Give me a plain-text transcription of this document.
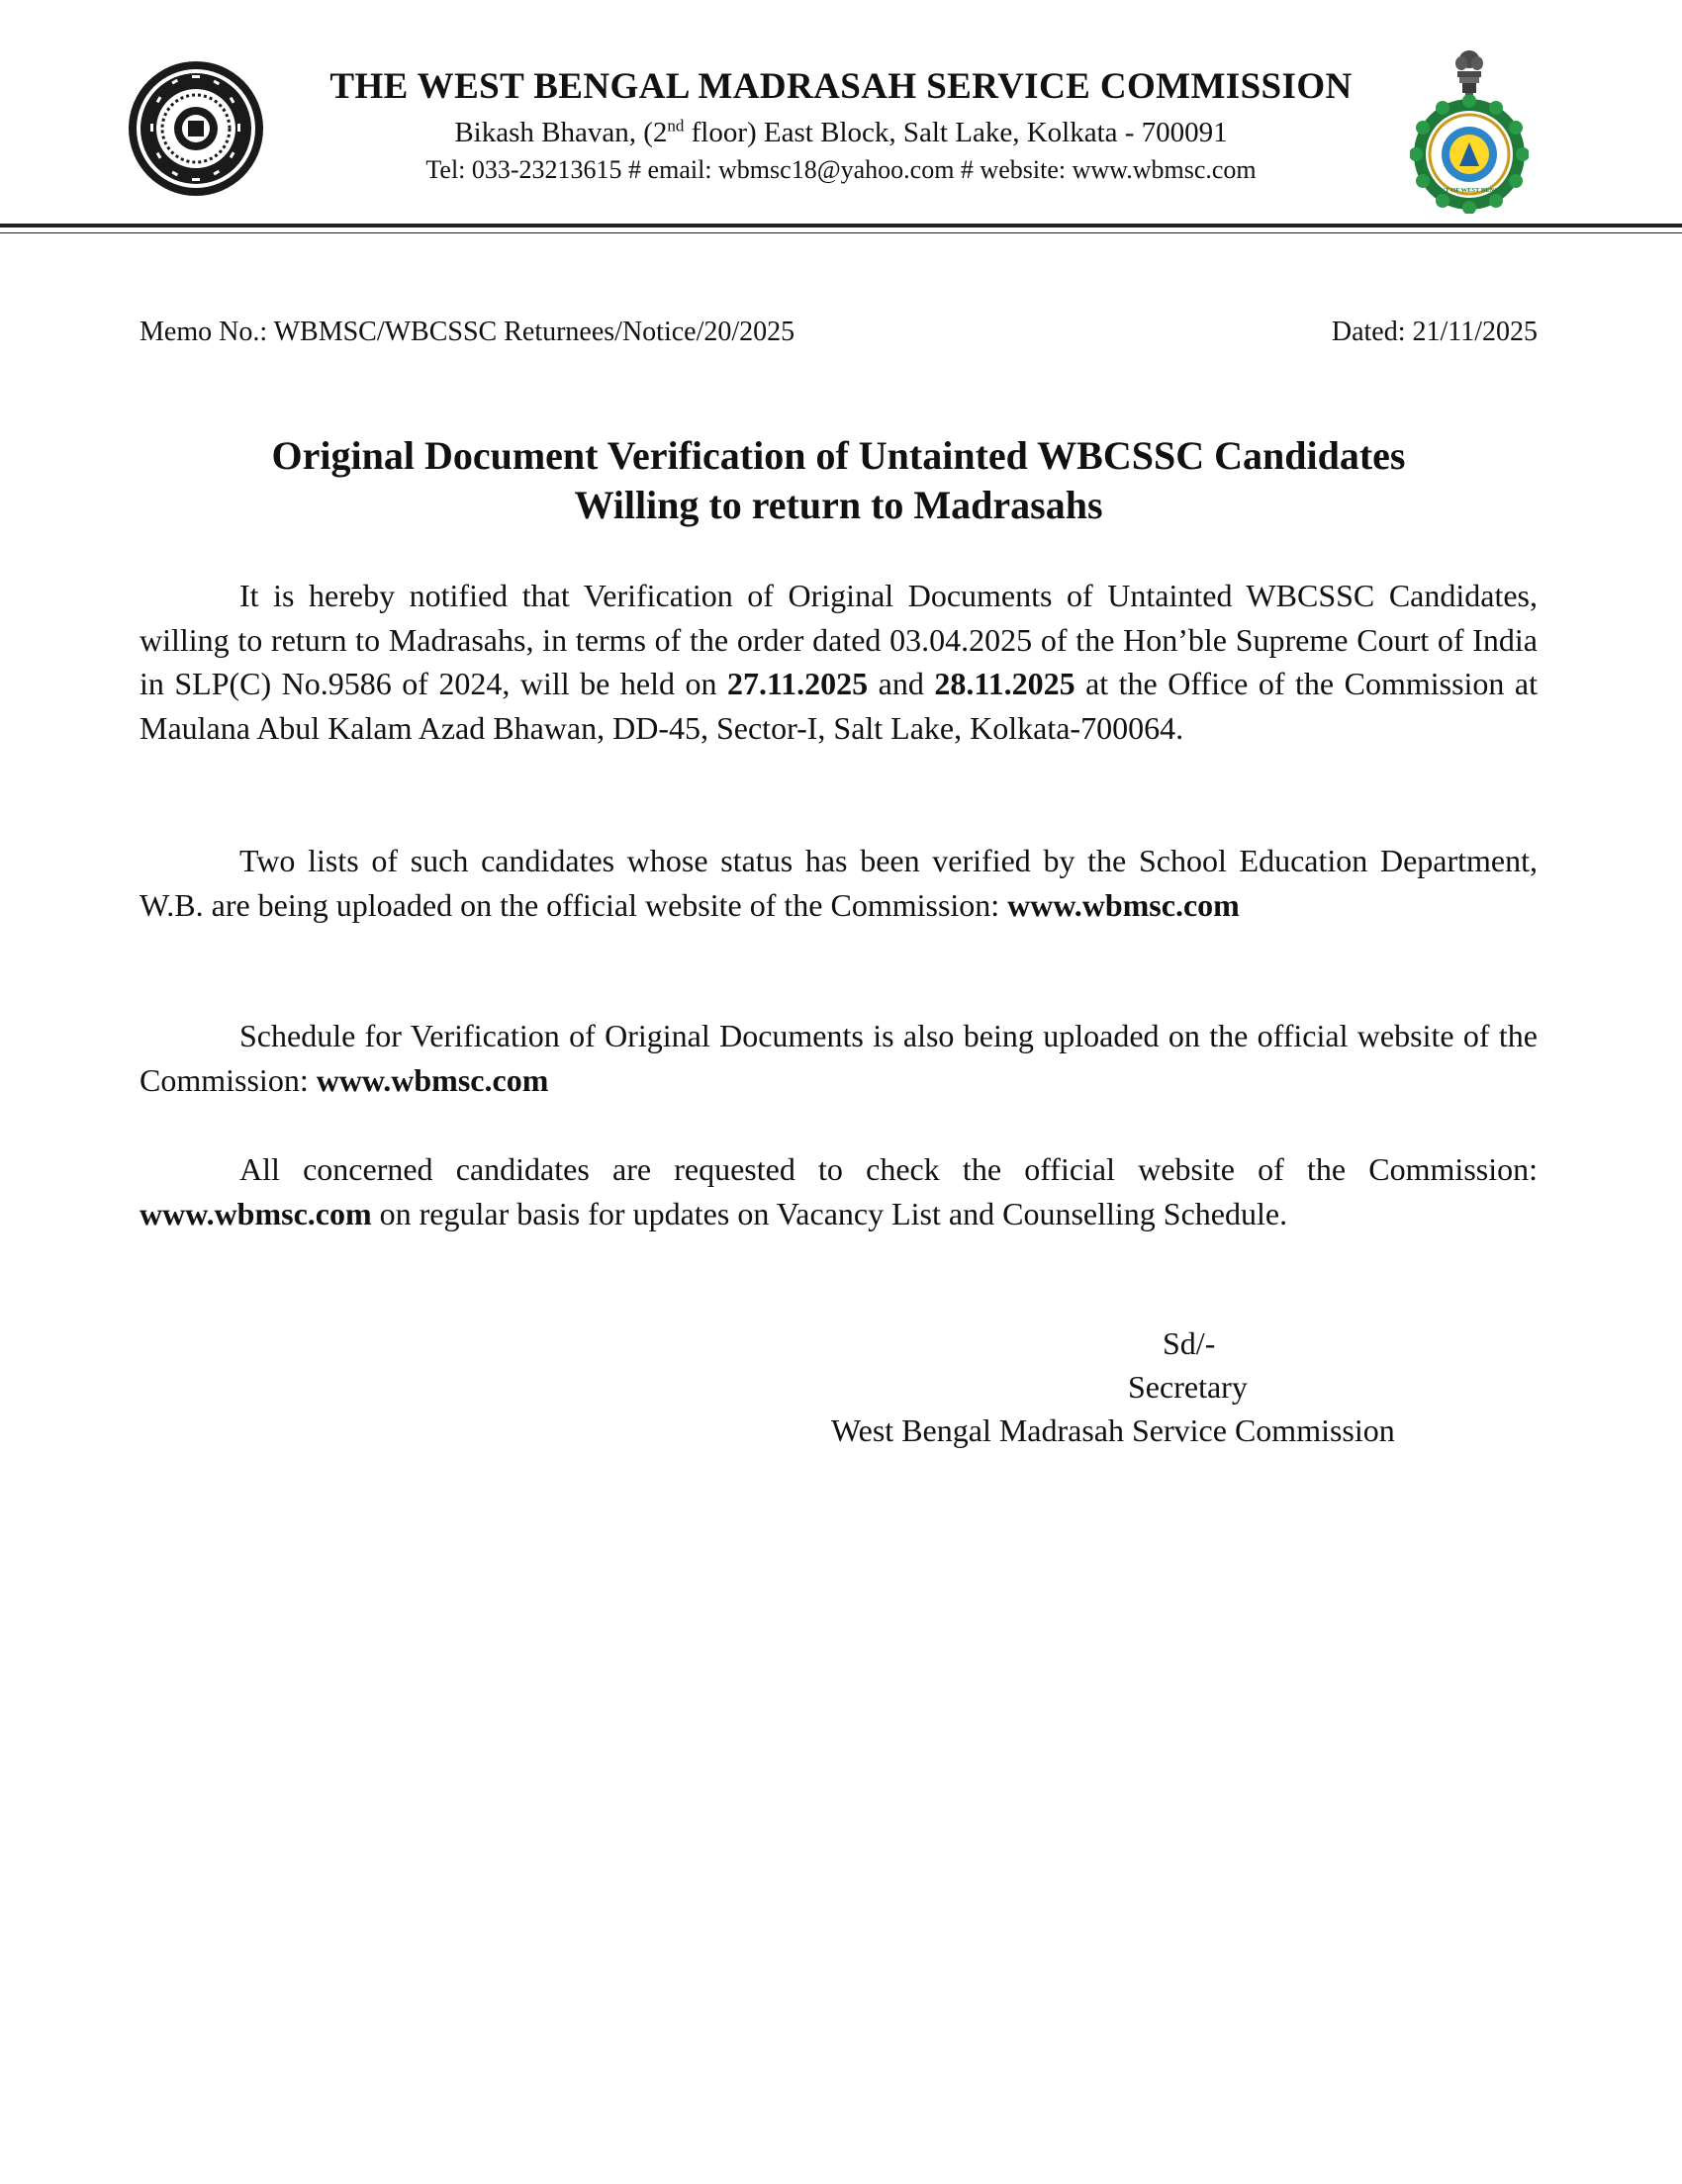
GOVT OF WEST BENGAL
THE WEST BENGAL MADRASAH SERVICE COMMISSION
Bikash Bhavan, (2nd floor) East Block, Salt Lake, Kolkata - 700091
Tel: 033-23213615 # email: wbmsc18@yahoo.com # website: www.wbmsc.com
Memo No.: WBMSC/WBCSSC Returnees/Notice/20/2025	Dated: 21/11/2025
Original Document Verification of Untainted WBCSSC Candidates
Willing to return to Madrasahs
It is hereby notified that Verification of Original Documents of Untainted WBCSSC Candidates, willing to return to Madrasahs, in terms of the order dated 03.04.2025 of the Hon’ble Supreme Court of India in SLP(C) No.9586 of 2024, will be held on 27.11.2025 and 28.11.2025 at the Office of the Commission at Maulana Abul Kalam Azad Bhawan, DD-45, Sector-I, Salt Lake, Kolkata-700064.
Two lists of such candidates whose status has been verified by the School Education Department, W.B. are being uploaded on the official website of the Commission: www.wbmsc.com
Schedule for Verification of Original Documents is also being uploaded on the official website of the Commission: www.wbmsc.com
All concerned candidates are requested to check the official website of the Commission: www.wbmsc.com on regular basis for updates on Vacancy List and Counselling Schedule.
Sd/-
Secretary
West Bengal Madrasah Service Commission
